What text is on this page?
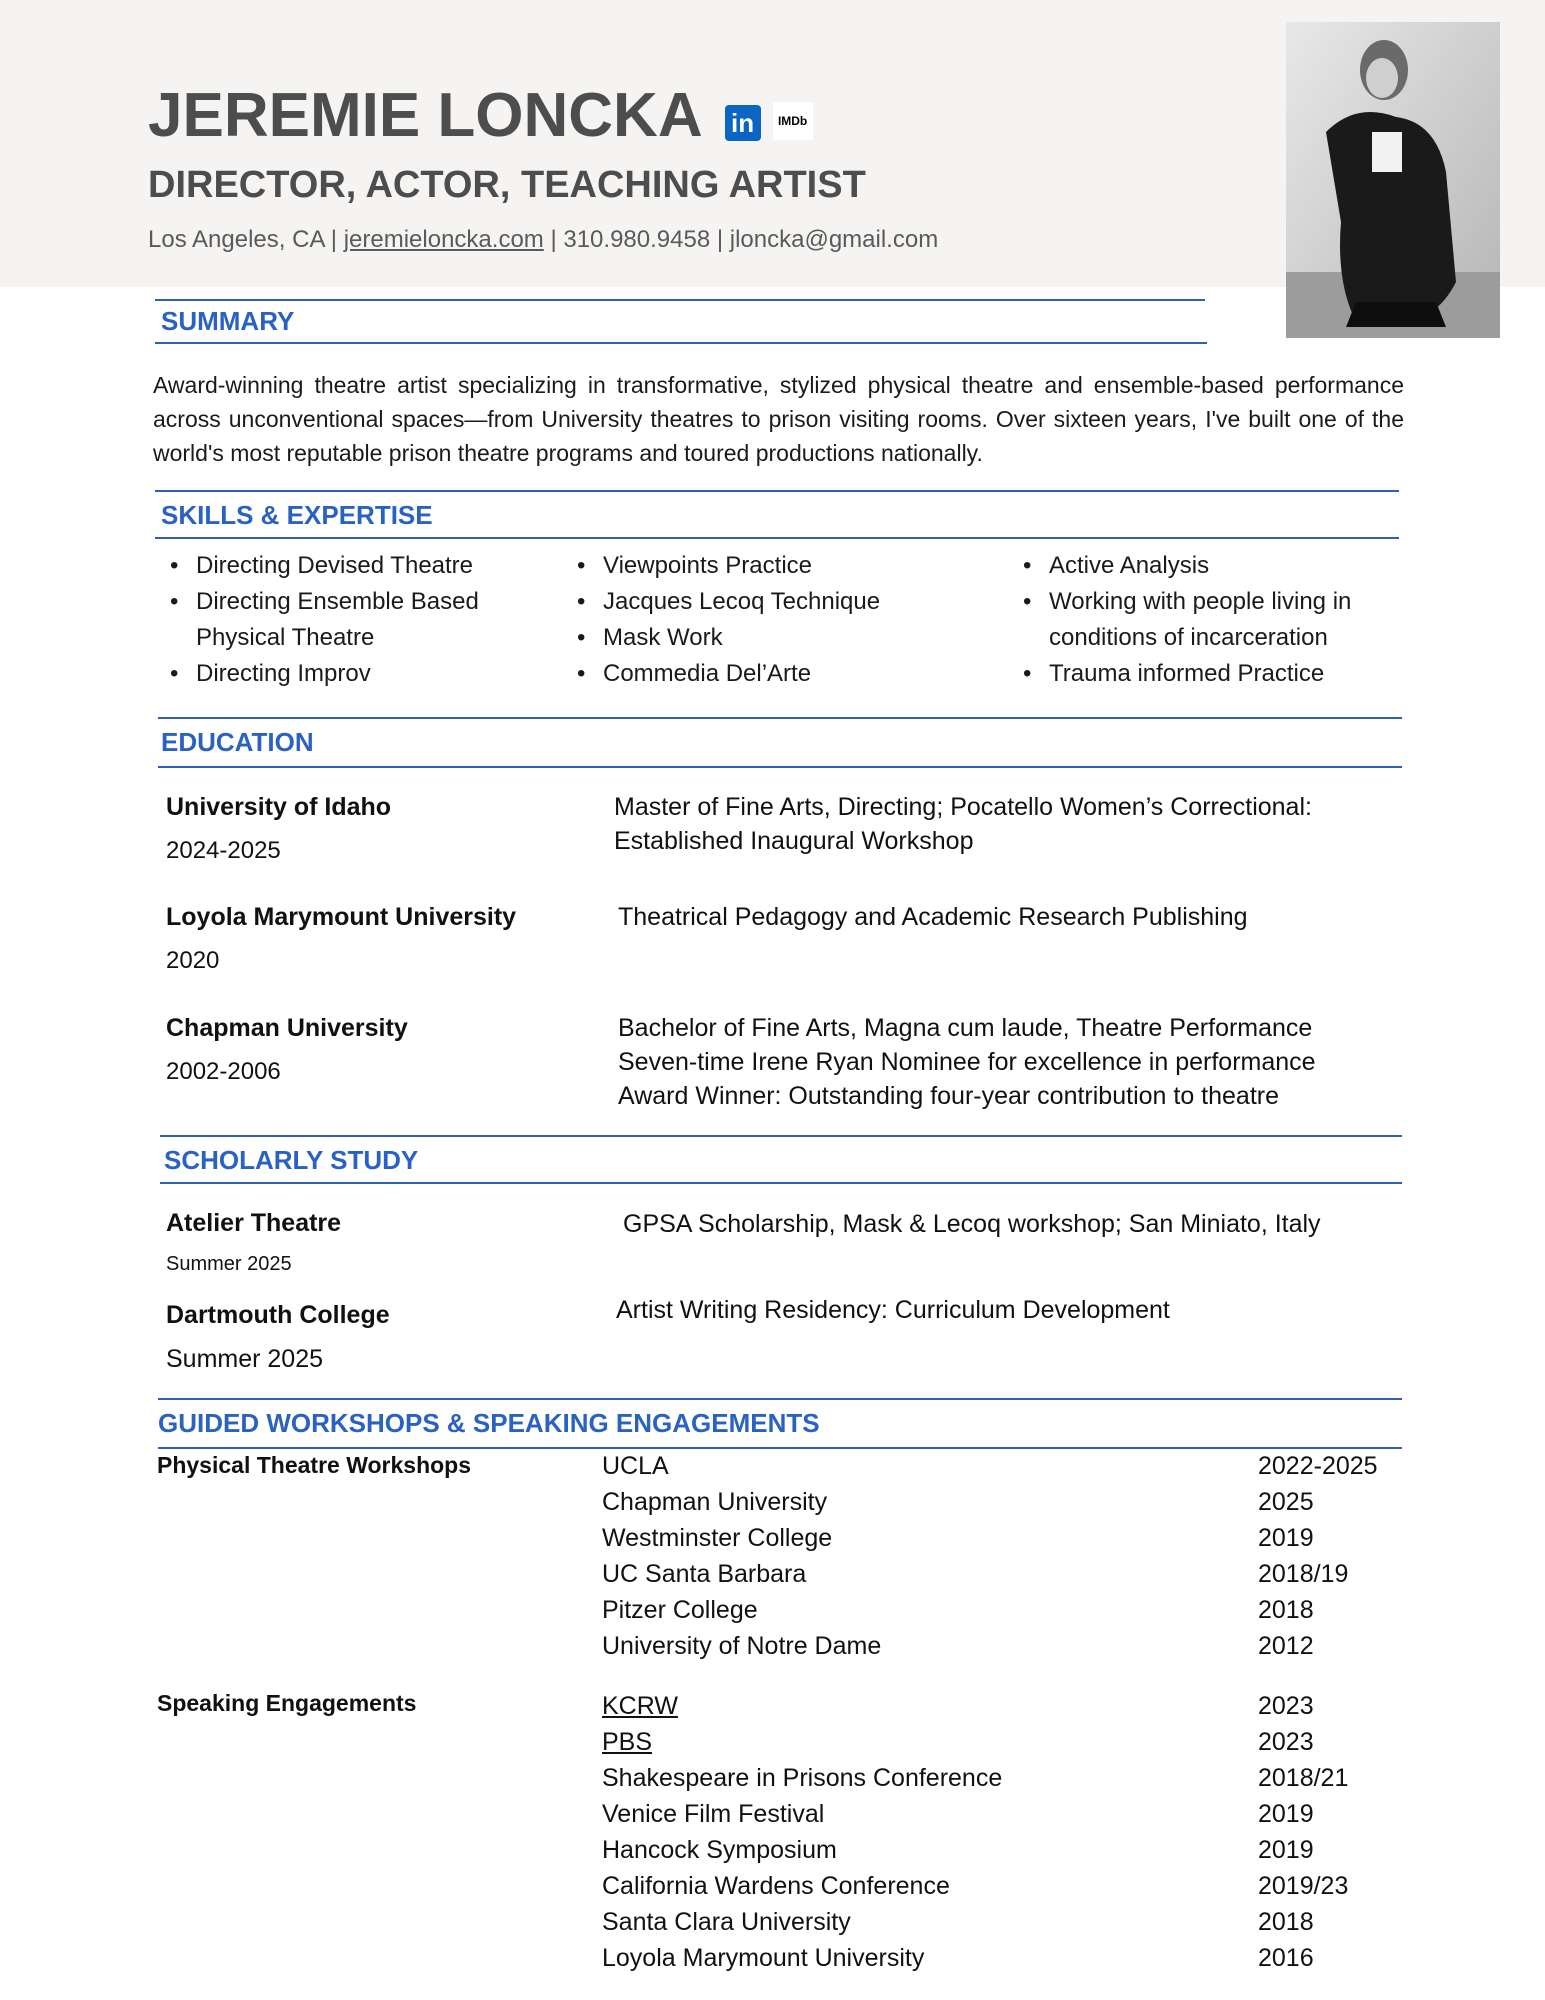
JEREMIE LONCKA in	IMDb
DIRECTOR, ACTOR, TEACHING ARTIST
Los Angeles, CA | jeremieloncka.com | 310.980.9458 | jloncka@gmail.com
SUMMARY
Award-winning theatre artist specializing in transformative, stylized physical theatre and ensemble-based performance across unconventional spaces—from University theatres to prison visiting rooms. Over sixteen years, I've built one of the world's most reputable prison theatre programs and toured productions nationally.
SKILLS & EXPERTISE
• Directing Devised Theatre
• Directing Ensemble Based Physical Theatre
• Directing Improv
• Viewpoints Practice
• Jacques Lecoq Technique
• Mask Work
• Commedia Del’Arte
• Active Analysis
• Working with people living in conditions of incarceration
• Trauma informed Practice
EDUCATION
University of Idaho
2024-2025
Master of Fine Arts, Directing; Pocatello Women’s Correctional:
Established Inaugural Workshop
Loyola Marymount University
2020
Theatrical Pedagogy and Academic Research Publishing
Chapman University
2002-2006
Bachelor of Fine Arts, Magna cum laude, Theatre Performance
Seven-time Irene Ryan Nominee for excellence in performance
Award Winner: Outstanding four-year contribution to theatre
SCHOLARLY STUDY
Atelier Theatre
Summer 2025
GPSA Scholarship, Mask & Lecoq workshop; San Miniato, Italy
Dartmouth College
Summer 2025
Artist Writing Residency: Curriculum Development
GUIDED WORKSHOPS & SPEAKING ENGAGEMENTS
Physical Theatre Workshops	UCLA	2022-2025
Chapman University	2025
Westminster College	2019
UC Santa Barbara	2018/19
Pitzer College	2018
University of Notre Dame	2012
Speaking Engagements	KCRW	2023
PBS	2023
Shakespeare in Prisons Conference	2018/21
Venice Film Festival	2019
Hancock Symposium	2019
California Wardens Conference	2019/23
Santa Clara University	2018
Loyola Marymount University	2016
